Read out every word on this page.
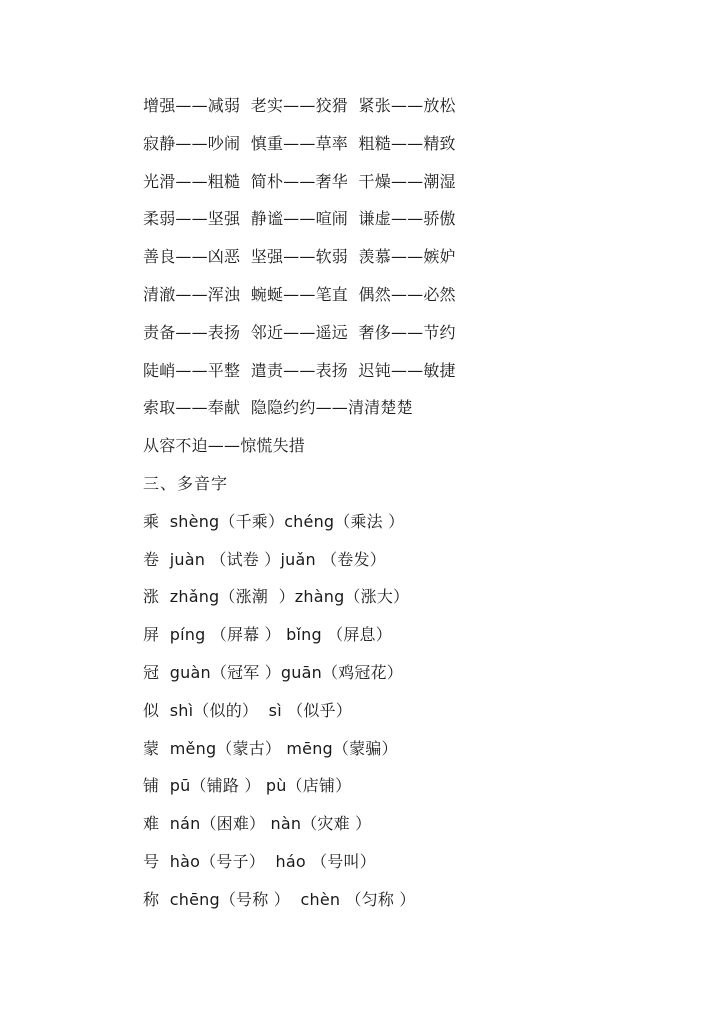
增强——减弱  老实——狡猾  紧张——放松
寂静——吵闹  慎重——草率  粗糙——精致
光滑——粗糙  简朴——奢华  干燥——潮湿
柔弱——坚强  静谧——喧闹  谦虚——骄傲
善良——凶恶  坚强——软弱  羡慕——嫉妒
清澈——浑浊  蜿蜒——笔直  偶然——必然
责备——表扬  邻近——遥远  奢侈——节约
陡峭——平整  遣责——表扬  迟钝——敏捷
索取——奉献  隐隐约约——清清楚楚
从容不迫——惊慌失措
三、多音字
乘  shèng（千乘）chéng（乘法 ）
卷  juàn （试卷 ）juǎn （卷发）
涨  zhǎng（涨潮  ）zhàng（涨大）
屏  píng （屏幕 ） bǐng （屏息）
冠  guàn（冠军 ）guān（鸡冠花）
似  shì（似的）  sì （似乎）
蒙  měng（蒙古） mēng（蒙骗）
铺  pū（铺路 ） pù（店铺）
难  nán（困难） nàn（灾难 ）
号  hào（号子）  háo （号叫）
称  chēng（号称 ）  chèn （匀称 ）
